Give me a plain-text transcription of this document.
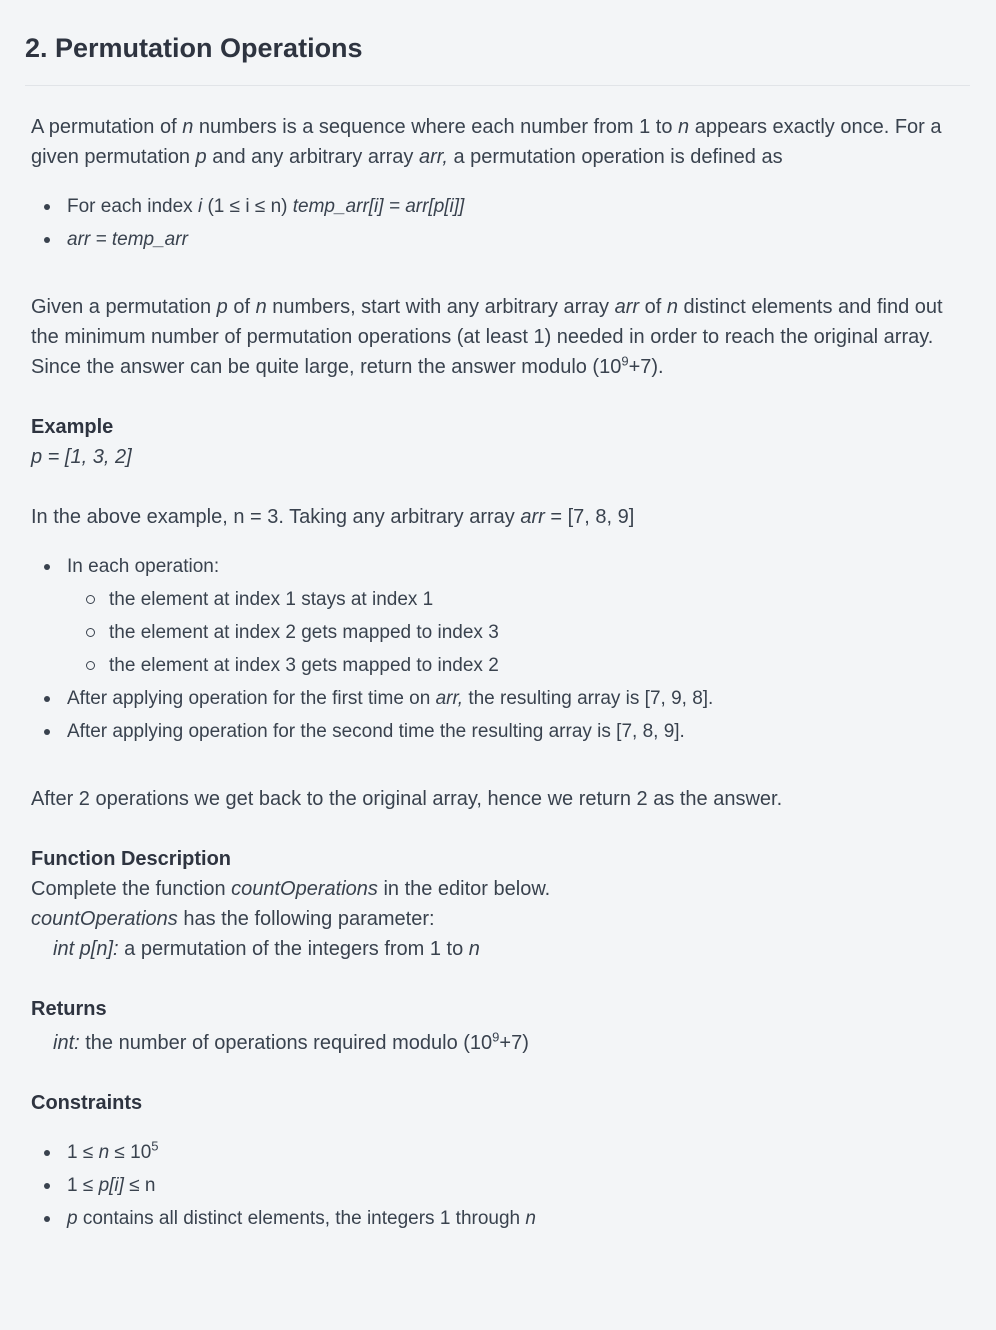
2. Permutation Operations

A permutation of n numbers is a sequence where each number from 1 to n appears exactly once. For a given permutation p and any arbitrary array arr, a permutation operation is defined as

For each index i (1 ≤ i ≤ n) temp_arr[i] = arr[p[i]]
arr = temp_arr

Given a permutation p of n numbers, start with any arbitrary array arr of n distinct elements and find out the minimum number of permutation operations (at least 1) needed in order to reach the original array. Since the answer can be quite large, return the answer modulo $(10^9+7)$.

Example

p = [1, 3, 2]

In the above example, n = 3. Taking any arbitrary array arr = [7, 8, 9]

In each operation:
the element at index 1 stays at index 1
the element at index 2 gets mapped to index 3
the element at index 3 gets mapped to index 2
After applying operation for the first time on arr, the resulting array is [7, 9, 8].
After applying operation for the second time the resulting array is [7, 8, 9].

After 2 operations we get back to the original array, hence we return 2 as the answer.

Function Description

Complete the function countOperations in the editor below.

countOperations has the following parameter:

int p[n]: a permutation of the integers from 1 to n

Returns

int: the number of operations required modulo $(10^9+7)$

Constraints

$1 \le n \le 10^5$
1 ≤ p[i] ≤ n
p contains all distinct elements, the integers 1 through n
